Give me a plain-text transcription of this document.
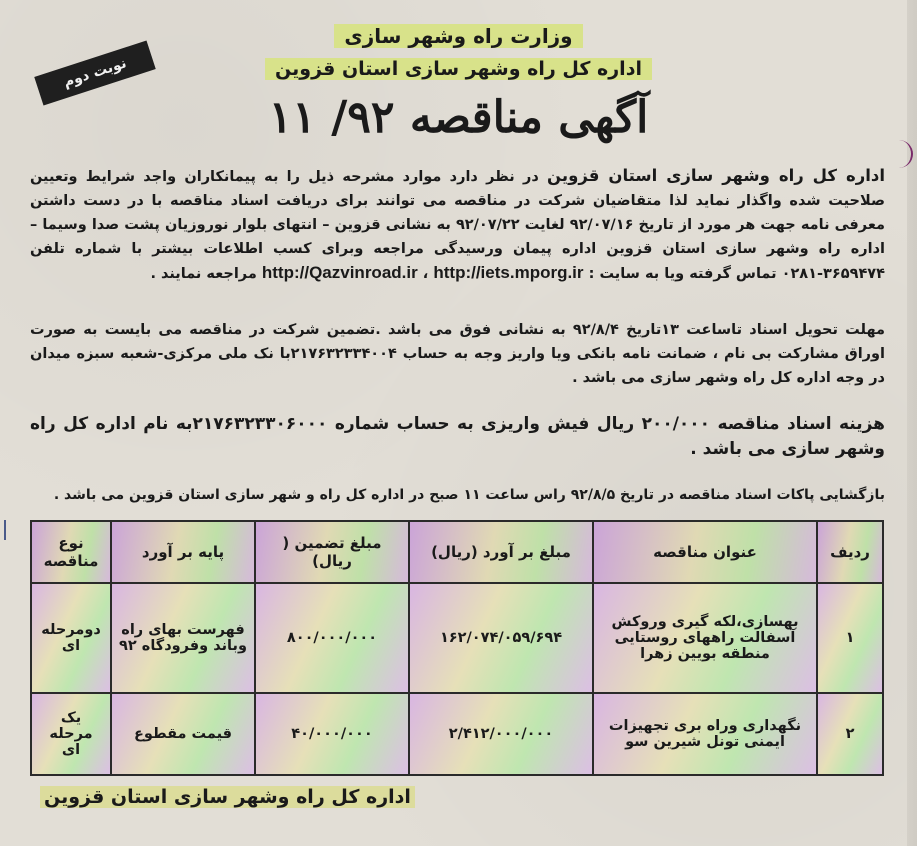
وزارت راه وشهر سازی
اداره کل راه وشهر سازی استان قزوین
نوبت دوم
آگهی مناقصه ۹۲/ ۱۱
اداره کل راه وشهر سازی استان قزوین در نظر دارد موارد مشرحه ذیل را به پیمانکاران واجد شرایط وتعیین صلاحیت شده واگذار نماید لذا متقاضیان شرکت در مناقصه می توانند برای دریافت اسناد مناقصه با در دست داشتن معرفی نامه جهت هر مورد از تاریخ ۹۲/۰۷/۱۶ لغایت ۹۲/۰۷/۲۲ به نشانی قزوین – انتهای بلوار نوروزیان پشت صدا وسیما – اداره راه وشهر سازی استان قزوین اداره پیمان ورسیدگی مراجعه وبرای کسب اطلاعات بیشتر با شماره تلفن ۳۶۵۹۴۷۴-۰۲۸۱ تماس گرفته ویا به سایت : http://Qazvinroad.ir ، http://iets.mporg.ir مراجعه نمایند .
مهلت تحویل اسناد تاساعت ۱۳تاریخ ۹۲/۸/۴ به نشانی فوق می باشد .تضمین شرکت در مناقصه می بایست به صورت اوراق مشارکت بی نام ، ضمانت نامه بانکی ویا واریز وجه به حساب ۲۱۷۶۳۲۳۳۴۰۰۴با نک ملی مرکزی-شعبه سبزه میدان در وجه اداره کل راه وشهر سازی می باشد .
هزینه اسناد مناقصه ۲۰۰/۰۰۰ ریال فیش واریزی به حساب شماره ۲۱۷۶۳۲۳۳۰۶۰۰۰به نام اداره کل راه وشهر سازی می باشد .
بازگشایی پاکات اسناد مناقصه در تاریخ ۹۲/۸/۵ راس ساعت ۱۱ صبح در اداره کل راه و شهر سازی استان قزوین می باشد .
ردیف	عنوان مناقصه	مبلغ بر آورد (ریال)	مبلغ تضمین ( ریال)	پایه بر آورد	نوع مناقصه
۱	بهسازی،لکه گیری وروکش آسفالت راههای روستایی منطقه بویین زهرا	۱۶۲/۰۷۴/۰۵۹/۶۹۴	۸۰۰/۰۰۰/۰۰۰	فهرست بهای راه وباند وفرودگاه ۹۲	دومرحله ای
۲	نگهداری وراه بری تجهیزات ایمنی تونل شیرین سو	۲/۴۱۲/۰۰۰/۰۰۰	۴۰/۰۰۰/۰۰۰	قیمت مقطوع	یک مرحله ای
اداره کل راه وشهر سازی استان قزوین
